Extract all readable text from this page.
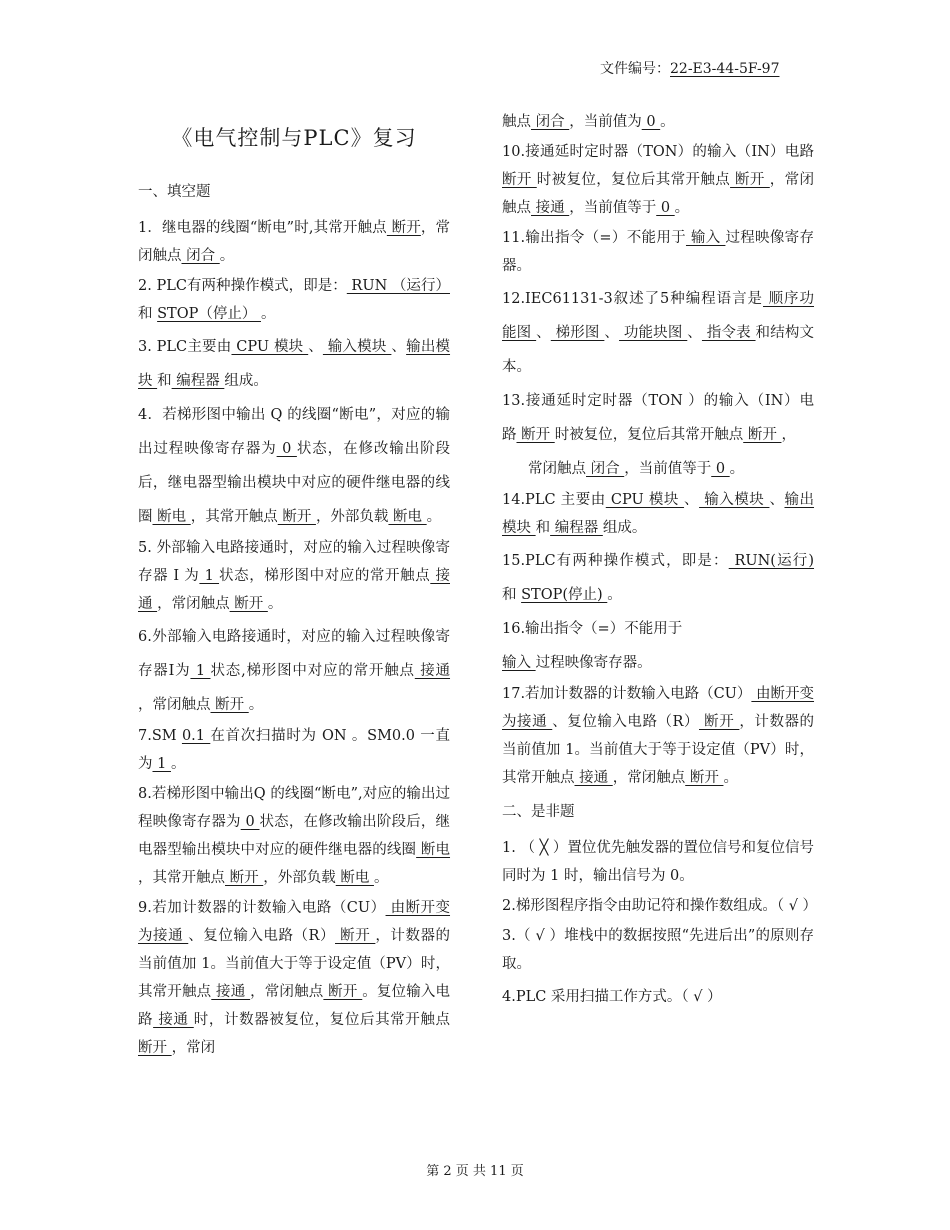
文件编号：22-E3-44-5F-97
《电气控制与PLC》复习
一、填空题

1．继电器的线圈“断电”时,其常开触点 断开，常闭触点 闭合 。

2. PLC有两种操作模式，即是： RUN （运行） 和 STOP（停止） 。

3. PLC主要由 CPU 模块 、 输入模块 、输出模块 和 编程器 组成。

4．若梯形图中输出 Q 的线圈“断电”，对应的输出过程映像寄存器为 0 状态，在修改输出阶段后，继电器型输出模块中对应的硬件继电器的线圈 断电 ，其常开触点 断开 ，外部负载 断电 。

5. 外部输入电路接通时，对应的输入过程映像寄存器 I 为 1 状态，梯形图中对应的常开触点 接通 ，常闭触点 断开 。

6.外部输入电路接通时，对应的输入过程映像寄存器I为 1 状态,梯形图中对应的常开触点 接通 ，常闭触点 断开 。

7.SM 0.1 在首次扫描时为 ON 。SM0.0 一直为 1 。

8.若梯形图中输出Q 的线圈“断电”,对应的输出过程映像寄存器为 0 状态，在修改输出阶段后，继电器型输出模块中对应的硬件继电器的线圈 断电 ，其常开触点 断开 ，外部负载 断电 。

9.若加计数器的计数输入电路（CU） 由断开变为接通 、复位输入电路（R） 断开 ，计数器的当前值加 1。当前值大于等于设定值（PV）时，其常开触点 接通 ，常闭触点 断开 。复位输入电路 接通 时，计数器被复位，复位后其常开触点 断开 ，常闭

触点 闭合 ，当前值为 0 。

10.接通延时定时器（TON）的输入（IN）电路 断开 时被复位，复位后其常开触点 断开 ，常闭触点 接通 ，当前值等于 0 。

11.输出指令（=）不能用于 输入 过程映像寄存器。

12.IEC61131-3叙述了5种编程语言是 顺序功能图 、 梯形图 、 功能块图 、 指令表 和结构文本。

13.接通延时定时器（TON ）的输入（IN）电路 断开 时被复位，复位后其常开触点 断开 ，

常闭触点 闭合 ，当前值等于 0 。

14.PLC 主要由 CPU 模块 、 输入模块 、输出模块 和 编程器 组成。

15.PLC有两种操作模式，即是： RUN(运行) 和 STOP(停止) 。

16.输出指令（=）不能用于

输入 过程映像寄存器。

17.若加计数器的计数输入电路（CU） 由断开变为接通 、复位输入电路（R） 断开 ，计数器的当前值加 1。当前值大于等于设定值（PV）时，其常开触点 接通 ，常闭触点 断开 。

二、是非题

1. （ ╳ ）置位优先触发器的置位信号和复位信号同时为 1 时，输出信号为 0。

2.梯形图程序指令由助记符和操作数组成。（ √ ）

3.（ √ ）堆栈中的数据按照“先进后出”的原则存取。

4.PLC 采用扫描工作方式。（ √ ）

第 2 页 共 11 页
